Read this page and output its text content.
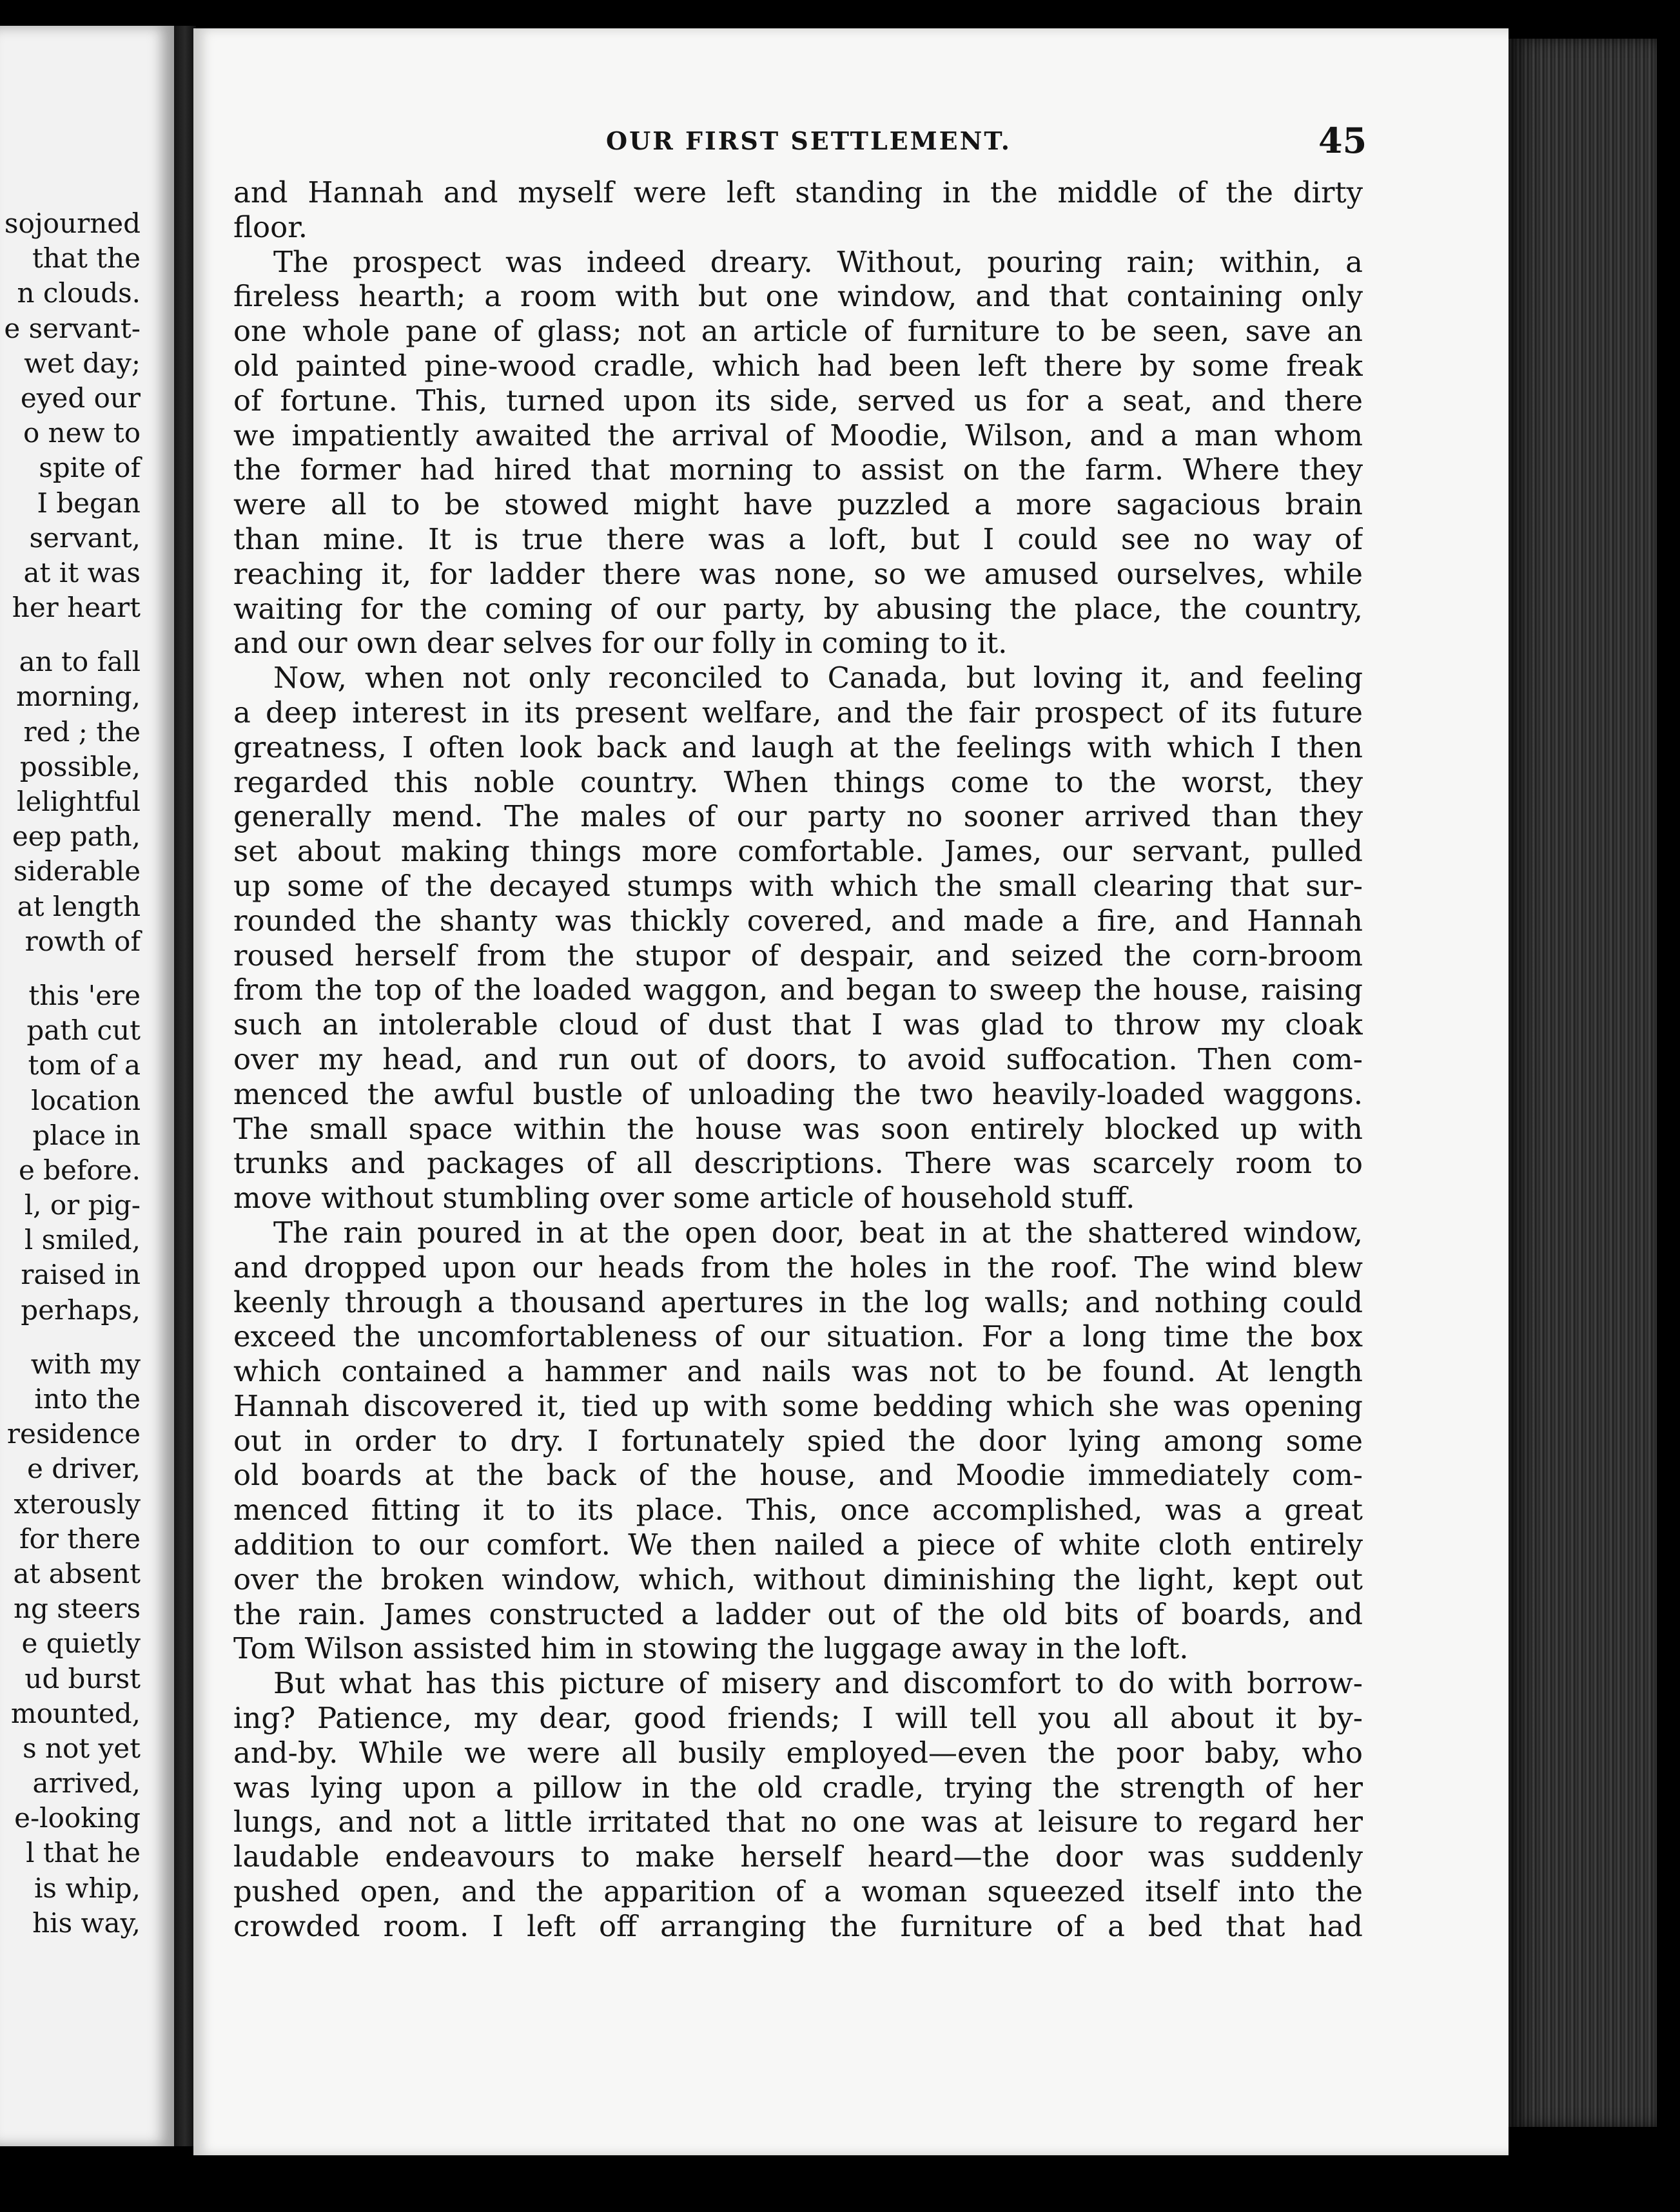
sojourned
that the
n clouds.
e servant-
wet day;
eyed our
o new to
spite of
I began
servant,
at it was
her heart
an to fall
morning,
red ; the
possible,
lelightful
eep path,
siderable
at length
rowth of
this 'ere
path cut
tom of a
location
place in
e before.
l, or pig-
l smiled,
raised in
perhaps,
with my
into the
residence
e driver,
xterously
for there
at absent
ng steers
e quietly
ud burst
mounted,
s not yet
arrived,
e-looking
l that he
is whip,
his way,
OUR FIRST SETTLEMENT.	45
and Hannah and myself were left standing in the middle of the dirty
floor.
The prospect was indeed dreary. Without, pouring rain; within, a
fireless hearth; a room with but one window, and that containing only
one whole pane of glass; not an article of furniture to be seen, save an
old painted pine-wood cradle, which had been left there by some freak
of fortune. This, turned upon its side, served us for a seat, and there
we impatiently awaited the arrival of Moodie, Wilson, and a man whom
the former had hired that morning to assist on the farm. Where they
were all to be stowed might have puzzled a more sagacious brain
than mine. It is true there was a loft, but I could see no way of
reaching it, for ladder there was none, so we amused ourselves, while
waiting for the coming of our party, by abusing the place, the country,
and our own dear selves for our folly in coming to it.
Now, when not only reconciled to Canada, but loving it, and feeling
a deep interest in its present welfare, and the fair prospect of its future
greatness, I often look back and laugh at the feelings with which I then
regarded this noble country. When things come to the worst, they
generally mend. The males of our party no sooner arrived than they
set about making things more comfortable. James, our servant, pulled
up some of the decayed stumps with which the small clearing that sur-
rounded the shanty was thickly covered, and made a fire, and Hannah
roused herself from the stupor of despair, and seized the corn-broom
from the top of the loaded waggon, and began to sweep the house, raising
such an intolerable cloud of dust that I was glad to throw my cloak
over my head, and run out of doors, to avoid suffocation. Then com-
menced the awful bustle of unloading the two heavily-loaded waggons.
The small space within the house was soon entirely blocked up with
trunks and packages of all descriptions. There was scarcely room to
move without stumbling over some article of household stuff.
The rain poured in at the open door, beat in at the shattered window,
and dropped upon our heads from the holes in the roof. The wind blew
keenly through a thousand apertures in the log walls; and nothing could
exceed the uncomfortableness of our situation. For a long time the box
which contained a hammer and nails was not to be found. At length
Hannah discovered it, tied up with some bedding which she was opening
out in order to dry. I fortunately spied the door lying among some
old boards at the back of the house, and Moodie immediately com-
menced fitting it to its place. This, once accomplished, was a great
addition to our comfort. We then nailed a piece of white cloth entirely
over the broken window, which, without diminishing the light, kept out
the rain. James constructed a ladder out of the old bits of boards, and
Tom Wilson assisted him in stowing the luggage away in the loft.
But what has this picture of misery and discomfort to do with borrow-
ing? Patience, my dear, good friends; I will tell you all about it by-
and-by. While we were all busily employed—even the poor baby, who
was lying upon a pillow in the old cradle, trying the strength of her
lungs, and not a little irritated that no one was at leisure to regard her
laudable endeavours to make herself heard—the door was suddenly
pushed open, and the apparition of a woman squeezed itself into the
crowded room. I left off arranging the furniture of a bed that had
